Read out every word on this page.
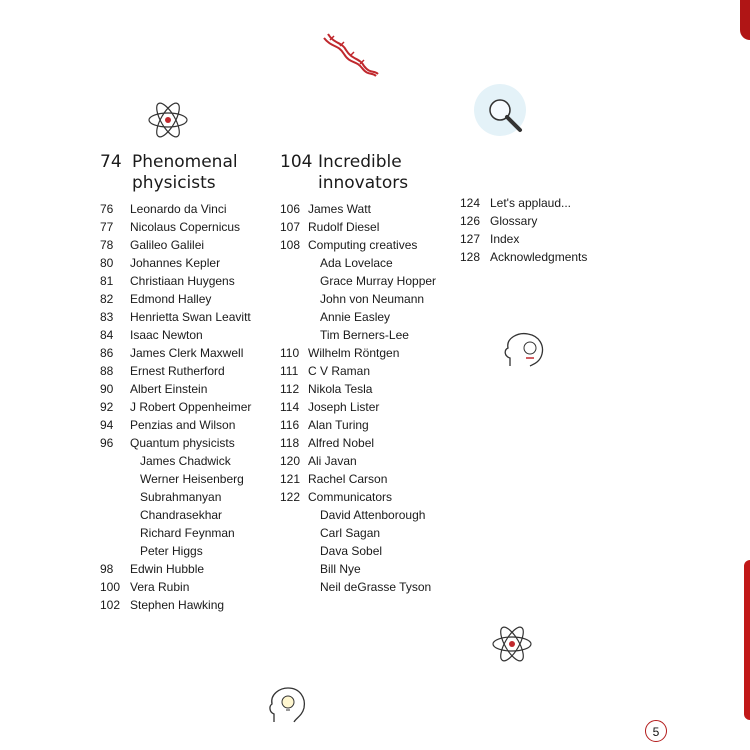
74 Phenomenal physicists
76	Leonardo da Vinci
77	Nicolaus Copernicus
78	Galileo Galilei
80	Johannes Kepler
81	Christiaan Huygens
82	Edmond Halley
83	Henrietta Swan Leavitt
84	Isaac Newton
86	James Clerk Maxwell
88	Ernest Rutherford
90	Albert Einstein
92	J Robert Oppenheimer
94	Penzias and Wilson
96	Quantum physicists
James Chadwick
Werner Heisenberg
Subrahmanyan Chandrasekhar
Richard Feynman
Peter Higgs
98	Edwin Hubble
100 Vera Rubin
102 Stephen Hawking
104 Incredible innovators
106 James Watt
107 Rudolf Diesel
108 Computing creatives
Ada Lovelace
Grace Murray Hopper
John von Neumann
Annie Easley
Tim Berners-Lee
110 Wilhelm Röntgen
111 C V Raman
112 Nikola Tesla
114 Joseph Lister
116 Alan Turing
118 Alfred Nobel
120 Ali Javan
121 Rachel Carson
122 Communicators
David Attenborough
Carl Sagan
Dava Sobel
Bill Nye
Neil deGrasse Tyson
124 Let's applaud...
126 Glossary
127 Index
128 Acknowledgments
5
